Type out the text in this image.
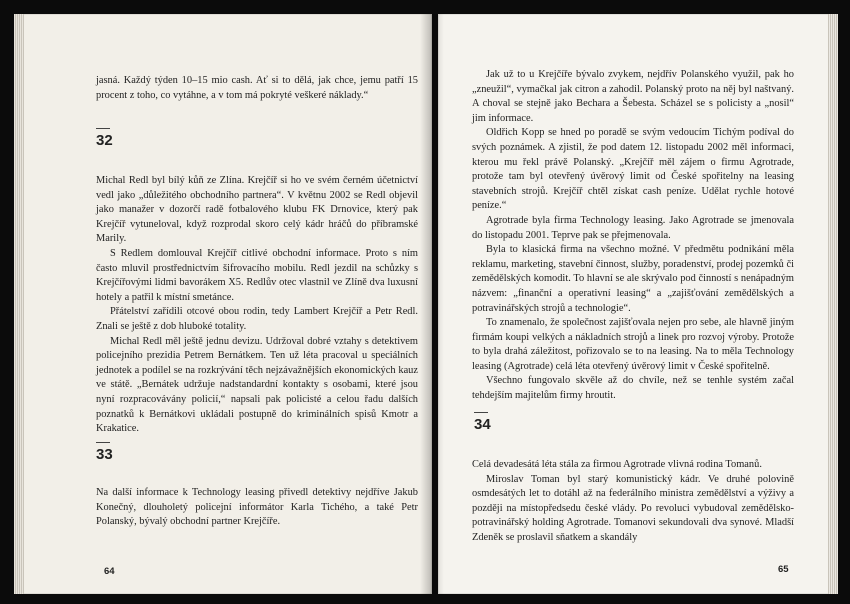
jasná. Každý týden 10–15 mio cash. Ať si to dělá, jak chce, jemu patří 15 procent z toho, co vytáhne, a v tom má pokryté veškeré náklady.“

32

Michal Redl byl bílý kůň ze Zlína. Krejčíř si ho ve svém černém účetnictví vedl jako „důležitého obchodního partnera“. V květnu 2002 se Redl objevil jako manažer v dozorčí radě fotbalového klubu FK Drnovice, který pak Krejčíř vytuneloval, když rozprodal skoro celý kádr hráčů do příbramské Marily.

S Redlem domlouval Krejčíř citlivé obchodní informace. Proto s ním často mluvil prostřednictvím šifrovacího mobilu. Redl jezdil na schůzky s Krejčířovými lidmi bavorákem X5. Redlův otec vlastnil ve Zlíně dva luxusní hotely a patřil k místní smetánce.

Přátelství zařídili otcové obou rodin, tedy Lambert Krejčíř a Petr Redl. Znali se ještě z dob hluboké totality.

Michal Redl měl ještě jednu devizu. Udržoval dobré vztahy s detektivem policejního prezidia Petrem Bernátkem. Ten už léta pracoval u speciálních jednotek a podílel se na rozkrývání těch nejzávažnějších ekonomických kauz ve státě. „Bernátek udržuje nadstandardní kontakty s osobami, které jsou nyní rozpracovávány policií,“ napsali pak policisté a celou řadu dalších poznatků k Bernátkovi ukládali postupně do kriminálních spisů Kmotr a Krakatice.

33

Na další informace k Technology leasing přivedl detektivy nejdříve Jakub Konečný, dlouholetý policejní informátor Karla Tichého, a také Petr Polanský, bývalý obchodní partner Krejčíře.

64

Jak už to u Krejčíře bývalo zvykem, nejdřív Polanského využil, pak ho „zneužil“, vymačkal jak citron a zahodil. Polanský proto na něj byl naštvaný. A choval se stejně jako Bechara a Šebesta. Scházel se s policisty a „nosil“ jim informace.

Oldřich Kopp se hned po poradě se svým vedoucím Tichým podíval do svých poznámek. A zjistil, že pod datem 12. listopadu 2002 měl informaci, kterou mu řekl právě Polanský. „Krejčíř měl zájem o firmu Agrotrade, protože tam byl otevřený úvěrový limit od České spořitelny na leasing stavebních strojů. Krejčíř chtěl získat cash peníze. Udělat rychle hotové peníze.“

Agrotrade byla firma Technology leasing. Jako Agrotrade se jmenovala do listopadu 2001. Teprve pak se přejmenovala.

Byla to klasická firma na všechno možné. V předmětu podnikání měla reklamu, marketing, stavební činnost, služby, poradenství, prodej pozemků či zemědělských komodit. To hlavní se ale skrývalo pod činností s nenápadným názvem: „finanční a operativní leasing“ a „zajišťování zemědělských a potravinářských strojů a technologie“.

To znamenalo, že společnost zajišťovala nejen pro sebe, ale hlavně jiným firmám koupi velkých a nákladních strojů a linek pro rozvoj výroby. Protože to byla drahá záležitost, pořizovalo se to na leasing. Na to měla Technology leasing (Agrotrade) celá léta otevřený úvěrový limit v České spořitelně.

Všechno fungovalo skvěle až do chvíle, než se tenhle systém začal tehdejším majitelům firmy hroutit.

34

Celá devadesátá léta stála za firmou Agrotrade vlivná rodina Tomanů.

Miroslav Toman byl starý komunistický kádr. Ve druhé polovině osmdesátých let to dotáhl až na federálního ministra zemědělství a výživy a později na místopředsedu české vlády. Po revoluci vybudoval zemědělsko-potravinářský holding Agrotrade. Tomanovi sekundovali dva synové. Mladší Zdeněk se proslavil sňatkem a skandály

65
